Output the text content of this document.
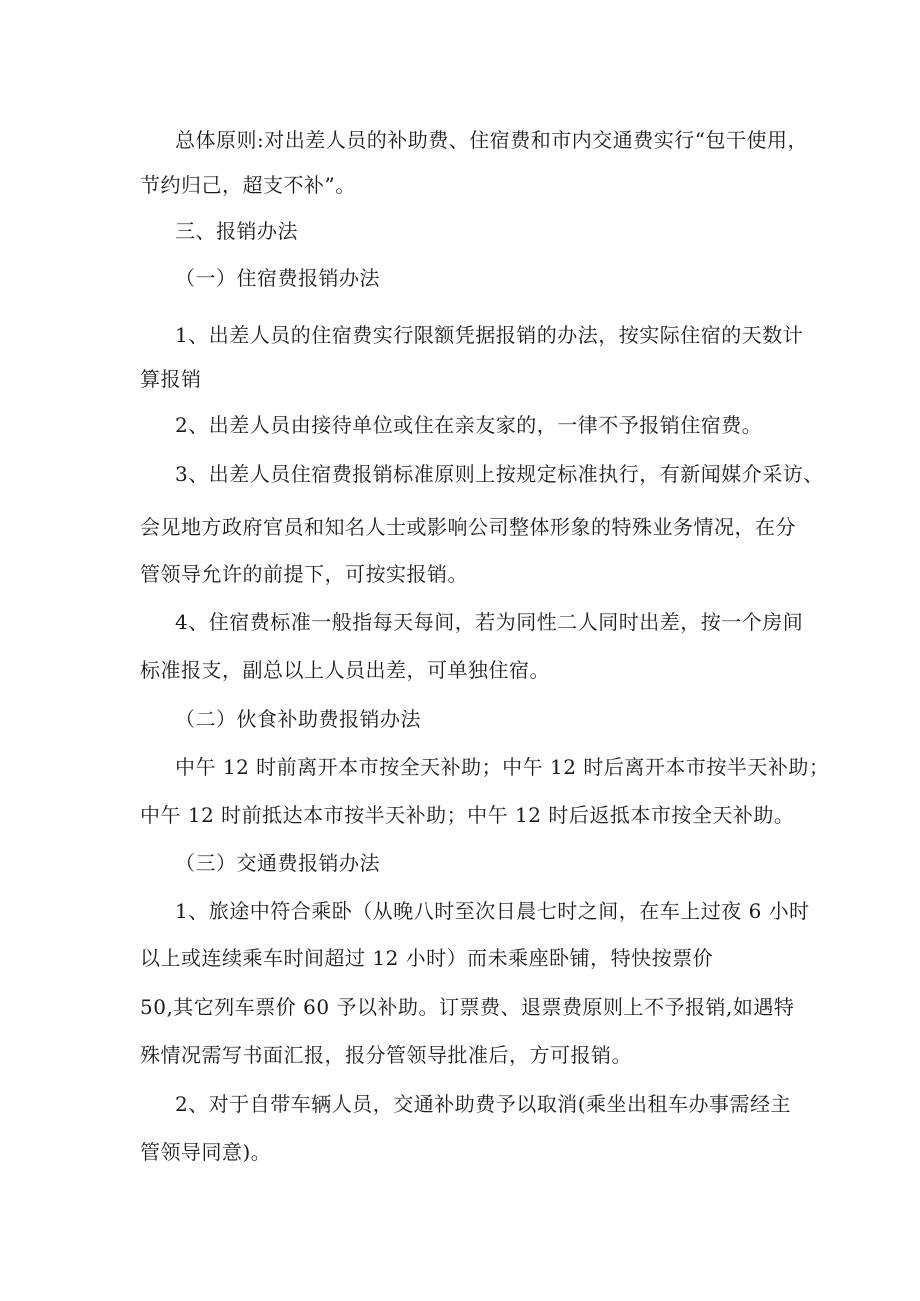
总体原则:对出差人员的补助费、住宿费和市内交通费实行“包干使用，
节约归己，超支不补”。
三、报销办法
（一）住宿费报销办法
1、出差人员的住宿费实行限额凭据报销的办法，按实际住宿的天数计
算报销
2、出差人员由接待单位或住在亲友家的，一律不予报销住宿费。
3、出差人员住宿费报销标准原则上按规定标准执行，有新闻媒介采访、
会见地方政府官员和知名人士或影响公司整体形象的特殊业务情况，在分
管领导允许的前提下，可按实报销。
4、住宿费标准一般指每天每间，若为同性二人同时出差，按一个房间
标准报支，副总以上人员出差，可单独住宿。
（二）伙食补助费报销办法
中午 12 时前离开本市按全天补助；中午 12 时后离开本市按半天补助；
中午 12 时前抵达本市按半天补助；中午 12 时后返抵本市按全天补助。
（三）交通费报销办法
1、旅途中符合乘卧（从晚八时至次日晨七时之间，在车上过夜 6 小时
以上或连续乘车时间超过 12 小时）而未乘座卧铺，特快按票价
50,其它列车票价 60 予以补助。订票费、退票费原则上不予报销,如遇特
殊情况需写书面汇报，报分管领导批准后，方可报销。
2、对于自带车辆人员，交通补助费予以取消(乘坐出租车办事需经主
管领导同意)。
